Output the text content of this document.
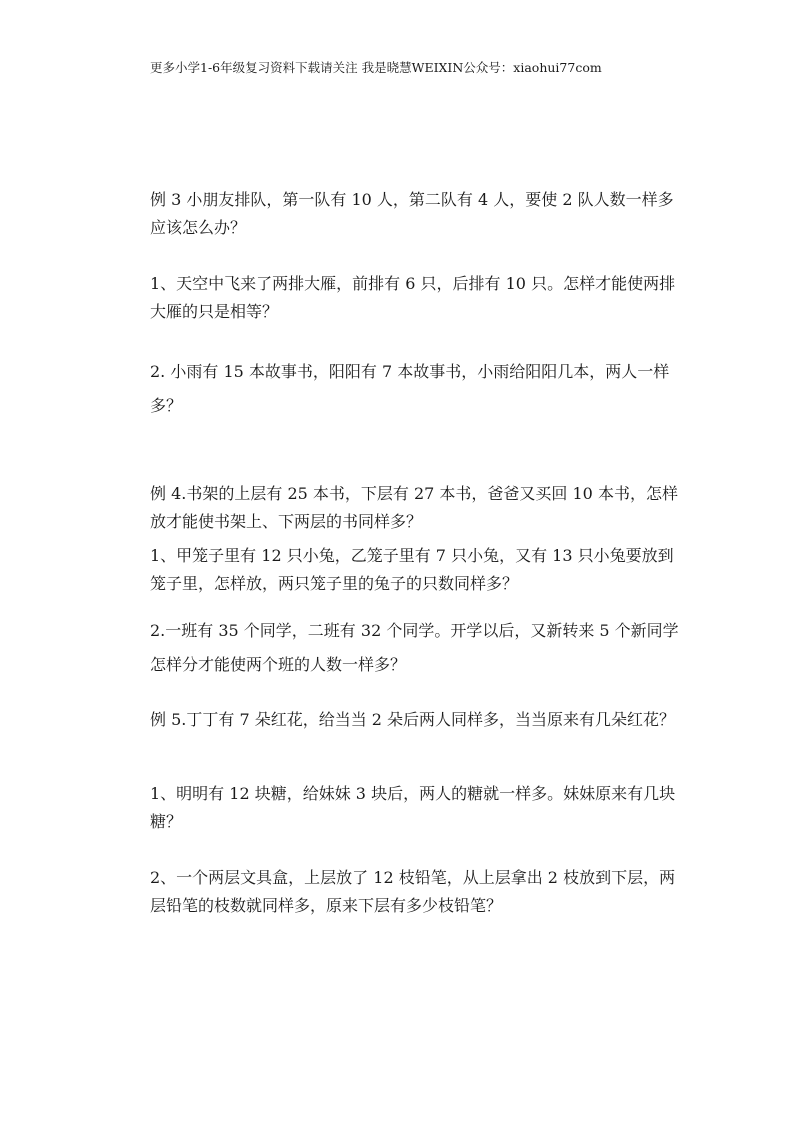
更多小学1-6年级复习资料下载请关注 我是晓慧WEIXIN公众号：xiaohui77com
例 3 小朋友排队，第一队有 10 人，第二队有 4 人，要使 2 队人数一样多
应该怎么办？
1、天空中飞来了两排大雁，前排有 6 只，后排有 10 只。怎样才能使两排
大雁的只是相等？
2. 小雨有 15 本故事书，阳阳有 7 本故事书，小雨给阳阳几本，两人一样
多？
例 4.书架的上层有 25 本书，下层有 27 本书，爸爸又买回 10 本书，怎样
放才能使书架上、下两层的书同样多？
1、甲笼子里有 12 只小兔，乙笼子里有 7 只小兔，又有 13 只小兔要放到
笼子里，怎样放，两只笼子里的兔子的只数同样多？
2.一班有 35 个同学，二班有 32 个同学。开学以后，又新转来 5 个新同学
怎样分才能使两个班的人数一样多？
例 5.丁丁有 7 朵红花，给当当 2 朵后两人同样多，当当原来有几朵红花？
1、明明有 12 块糖，给妹妹 3 块后，两人的糖就一样多。妹妹原来有几块
糖？
2、一个两层文具盒，上层放了 12 枝铅笔，从上层拿出 2 枝放到下层，两
层铅笔的枝数就同样多，原来下层有多少枝铅笔？
